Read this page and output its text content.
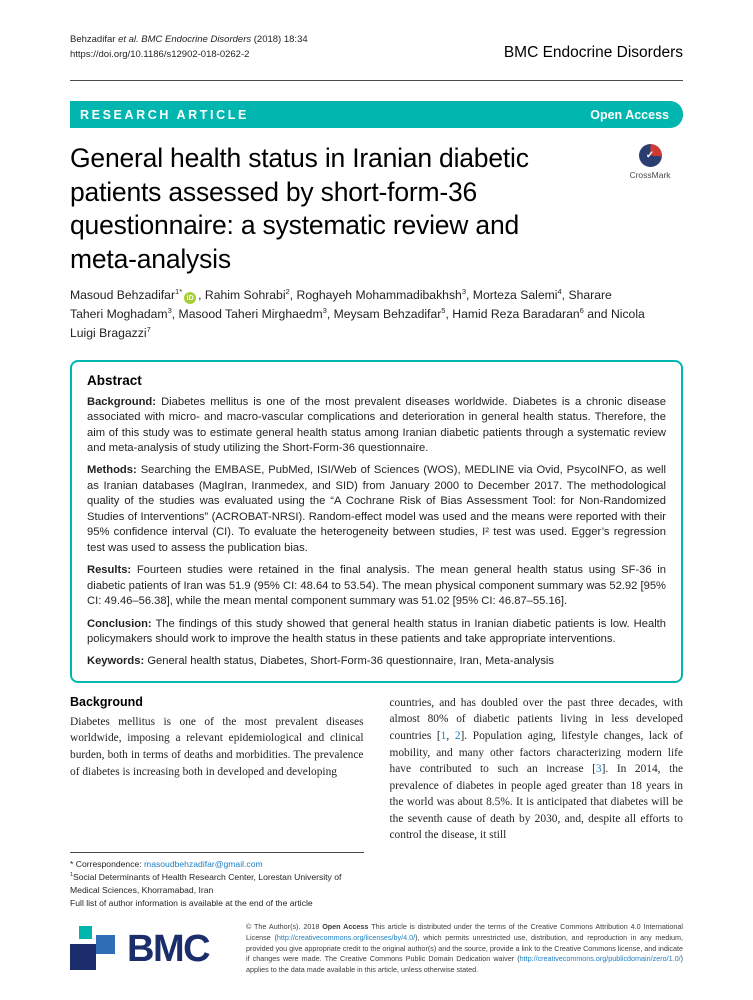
Behzadifar et al. BMC Endocrine Disorders (2018) 18:34
https://doi.org/10.1186/s12902-018-0262-2	BMC Endocrine Disorders
RESEARCH ARTICLE	Open Access
General health status in Iranian diabetic patients assessed by short-form-36 questionnaire: a systematic review and meta-analysis
✓
CrossMark

Masoud Behzadifar$^{1*}$iD , Rahim Sohrabi$^2$, Roghayeh Mohammadibakhsh$^3$, Morteza Salemi$^4$, Sharare Taheri Moghadam$^3$, Masood Taheri Mirghaedm$^3$, Meysam Behzadifar$^5$, Hamid Reza Baradaran$^6$ and Nicola Luigi Bragazzi$^7$

Abstract

Background: Diabetes mellitus is one of the most prevalent diseases worldwide. Diabetes is a chronic disease associated with micro- and macro-vascular complications and deterioration in general health status. Therefore, the aim of this study was to estimate general health status among Iranian diabetic patients through a systematic review and meta-analysis of study utilizing the Short-Form-36 questionnaire.

Methods: Searching the EMBASE, PubMed, ISI/Web of Sciences (WOS), MEDLINE via Ovid, PsycoINFO, as well as Iranian databases (MagIran, Iranmedex, and SID) from January 2000 to December 2017. The methodological quality of the studies was evaluated using the “A Cochrane Risk of Bias Assessment Tool: for Non-Randomized Studies of Interventions” (ACROBAT-NRSI). Random-effect model was used and the means were reported with their 95% confidence interval (CI). To evaluate the heterogeneity between studies, I² test was used. Egger’s regression test was used to assess the publication bias.

Results: Fourteen studies were retained in the final analysis. The mean general health status using SF-36 in diabetic patients of Iran was 51.9 (95% CI: 48.64 to 53.54). The mean physical component summary was 52.92 [95% CI: 49.46–56.38], while the mean mental component summary was 51.02 [95% CI: 46.87–55.16].

Conclusion: The findings of this study showed that general health status in Iranian diabetic patients is low. Health policymakers should work to improve the health status in these patients and take appropriate interventions.

Keywords: General health status, Diabetes, Short-Form-36 questionnaire, Iran, Meta-analysis

Background

Diabetes mellitus is one of the most prevalent diseases worldwide, imposing a relevant epidemiological and clinical burden, both in terms of deaths and morbidities. The prevalence of diabetes is increasing both in developed and developing

* Correspondence: masoudbehzadifar@gmail.com

$^1$Social Determinants of Health Research Center, Lorestan University of Medical Sciences, Khorramabad, Iran

Full list of author information is available at the end of the article

countries, and has doubled over the past three decades, with almost 80% of diabetic patients living in less developed countries [1, 2]. Population aging, lifestyle changes, lack of mobility, and many other factors characterizing modern life have contributed to such an increase [3]. In 2014, the prevalence of diabetes in people aged greater than 18 years in the world was about 8.5%. It is anticipated that diabetes will be the seventh cause of death by 2030, and, despite all efforts to control the disease, it still

BMC

© The Author(s). 2018 Open Access This article is distributed under the terms of the Creative Commons Attribution 4.0 International License (http://creativecommons.org/licenses/by/4.0/), which permits unrestricted use, distribution, and reproduction in any medium, provided you give appropriate credit to the original author(s) and the source, provide a link to the Creative Commons license, and indicate if changes were made. The Creative Commons Public Domain Dedication waiver (http://creativecommons.org/publicdomain/zero/1.0/) applies to the data made available in this article, unless otherwise stated.
